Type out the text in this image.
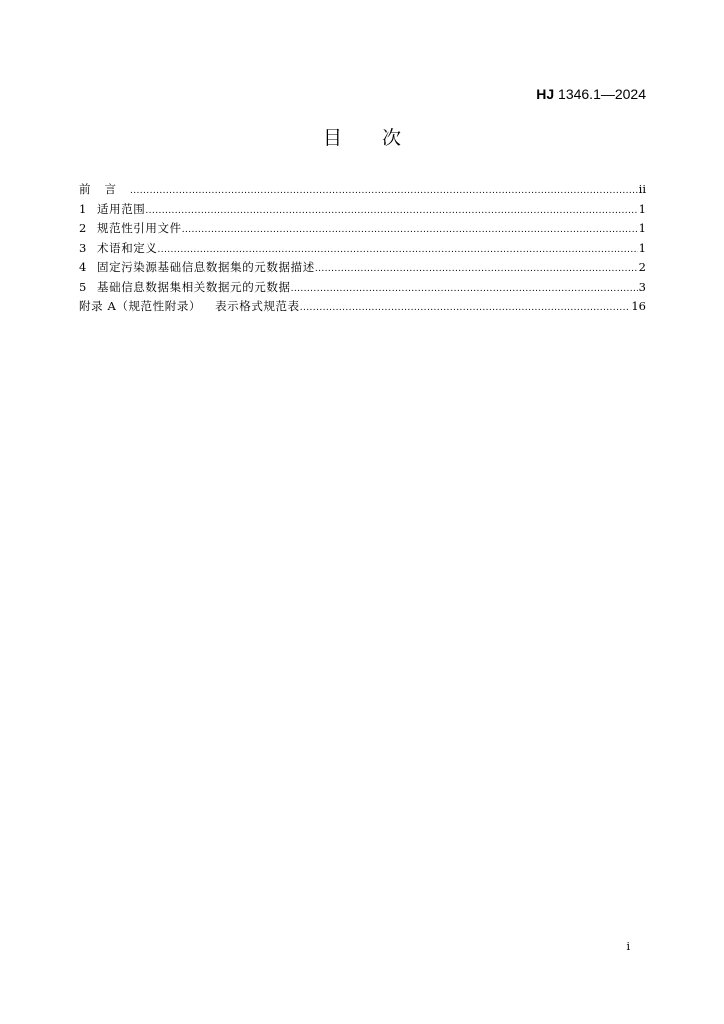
HJ 1346.1—2024
目 次
前言 .....	ii
1 适用范围 .....	1
2 规范性引用文件 .....	1
3 术语和定义 .....	1
4 固定污染源基础信息数据集的元数据描述 .....	2
5 基础信息数据集相关数据元的元数据 .....	3
附录 A（规范性附录） 表示格式规范表 .....	16
i
